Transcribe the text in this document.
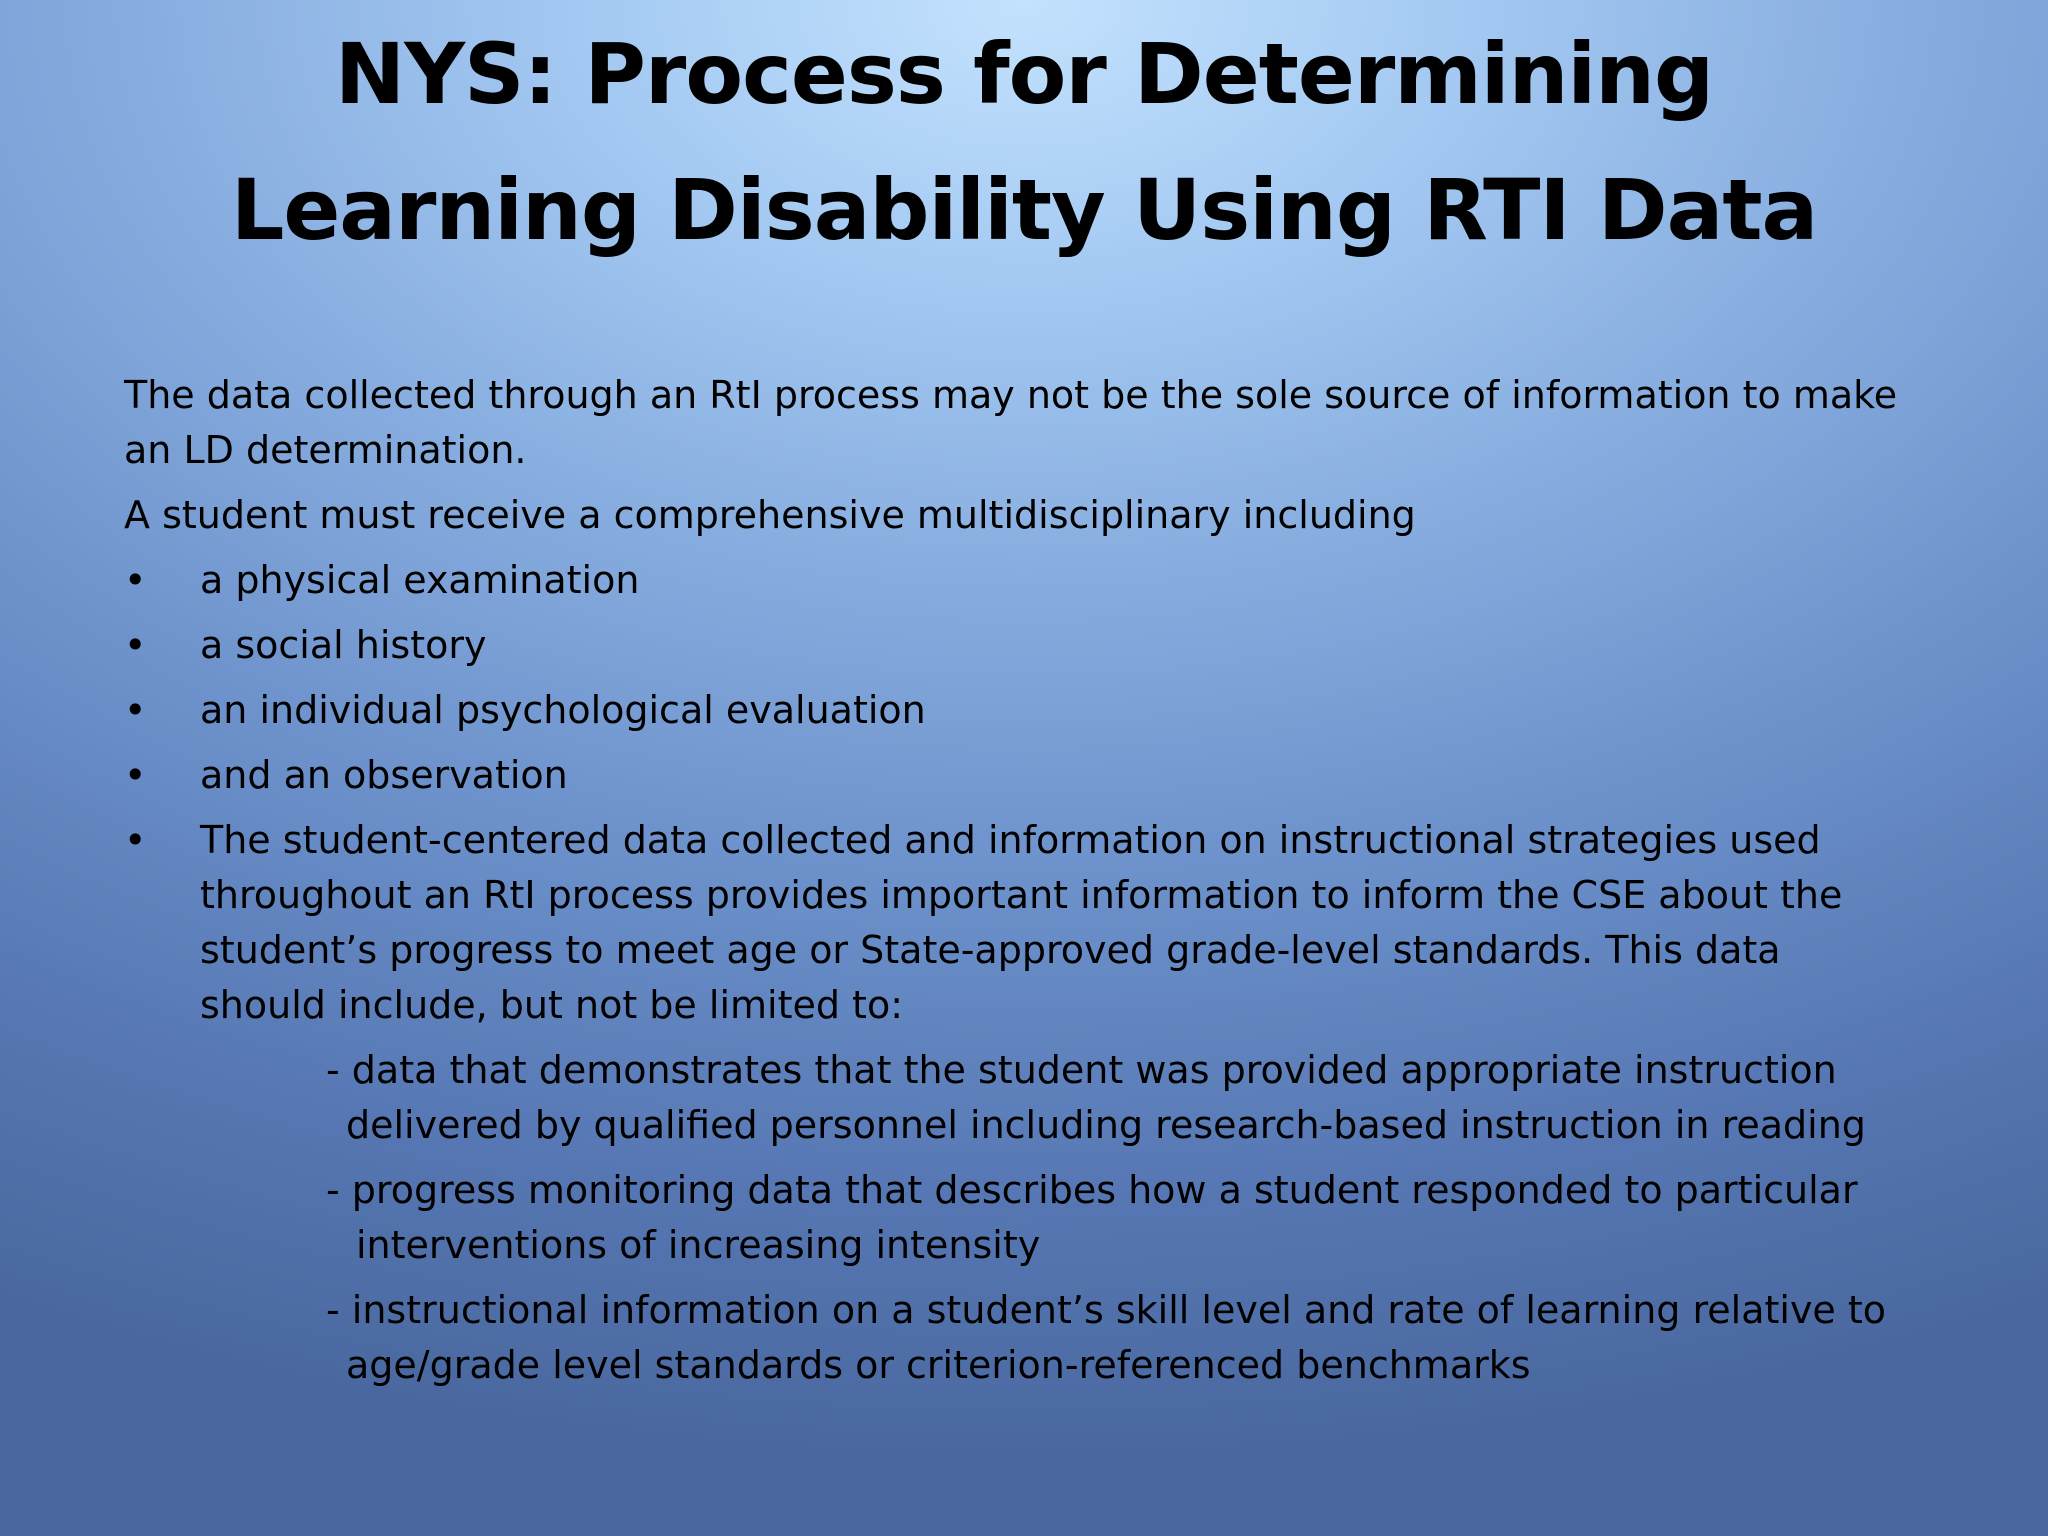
NYS: Process for Determining
Learning Disability Using RTI Data

The data collected through an RtI process may not be the sole source of information to make an LD determination.

A student must receive a comprehensive multidisciplinary including

• a physical examination
• a social history
• an individual psychological evaluation
• and an observation
• The student-centered data collected and information on instructional strategies used throughout an RtI process provides important information to inform the CSE about the student’s progress to meet age or State-approved grade-level standards. This data should include, but not be limited to:
- data that demonstrates that the student was provided appropriate instruction
delivered by qualified personnel including research-based instruction in reading
- progress monitoring data that describes how a student responded to particular
interventions of increasing intensity
- instructional information on a student’s skill level and rate of learning relative to
age/grade level standards or criterion-referenced benchmarks
